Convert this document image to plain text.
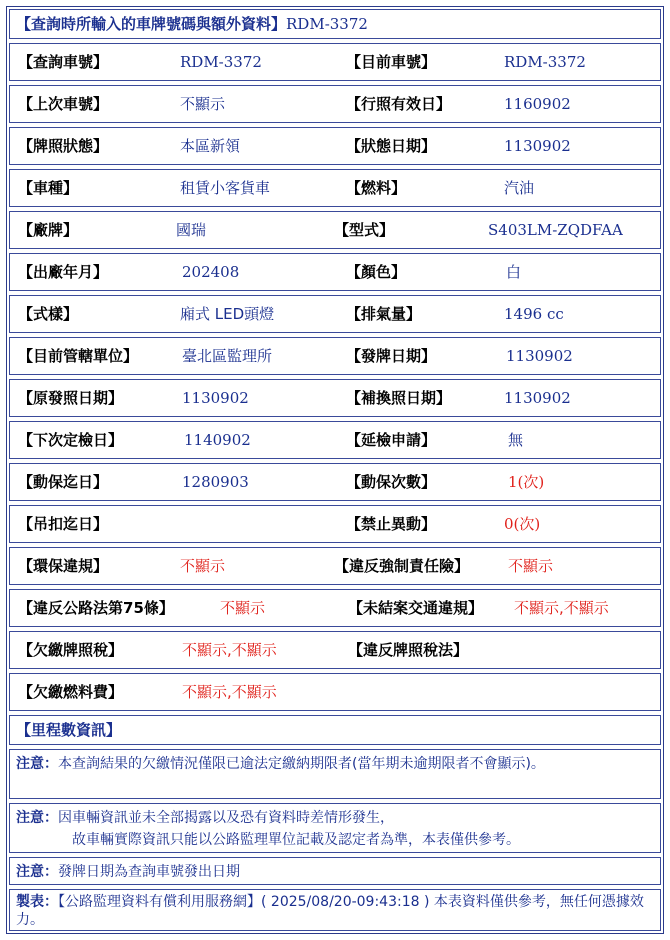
【查詢時所輸入的車牌號碼與額外資料】RDM-3372
【查詢車號】	RDM-3372	【目前車號】	RDM-3372
【上次車號】	不顯示	【行照有效日】	1160902
【牌照狀態】	本區新領	【狀態日期】	1130902
【車種】	租賃小客貨車	【燃料】	汽油
【廠牌】	國瑞	【型式】	S403LM-ZQDFAA
【出廠年月】	202408	【顏色】	白
【式樣】	廂式 LED頭燈	【排氣量】	1496 cc
【目前管轄單位】	臺北區監理所	【發牌日期】	1130902
【原發照日期】	1130902	【補換照日期】	1130902
【下次定檢日】	1140902	【延檢申請】	無
【動保迄日】	1280903	【動保次數】	1(次)
【吊扣迄日】	【禁止異動】	0(次)
【環保違規】	不顯示	【違反強制責任險】	不顯示
【違反公路法第75條】	不顯示	【未結案交通違規】 不顯示,不顯示
【欠繳牌照稅】	不顯示,不顯示	【違反牌照稅法】
【欠繳燃料費】	不顯示,不顯示
【里程數資訊】
注意：本查詢結果的欠繳情況僅限已逾法定繳納期限者(當年期未逾期限者不會顯示)。
注意：因車輛資訊並未全部揭露以及恐有資料時差情形發生，
故車輛實際資訊只能以公路監理單位記載及認定者為準，本表僅供參考。
注意：發牌日期為查詢車號發出日期
製表：【公路監理資料有償利用服務網】( 2025/08/20-09:43:18 ) 本表資料僅供參考，無任何憑據效力。
